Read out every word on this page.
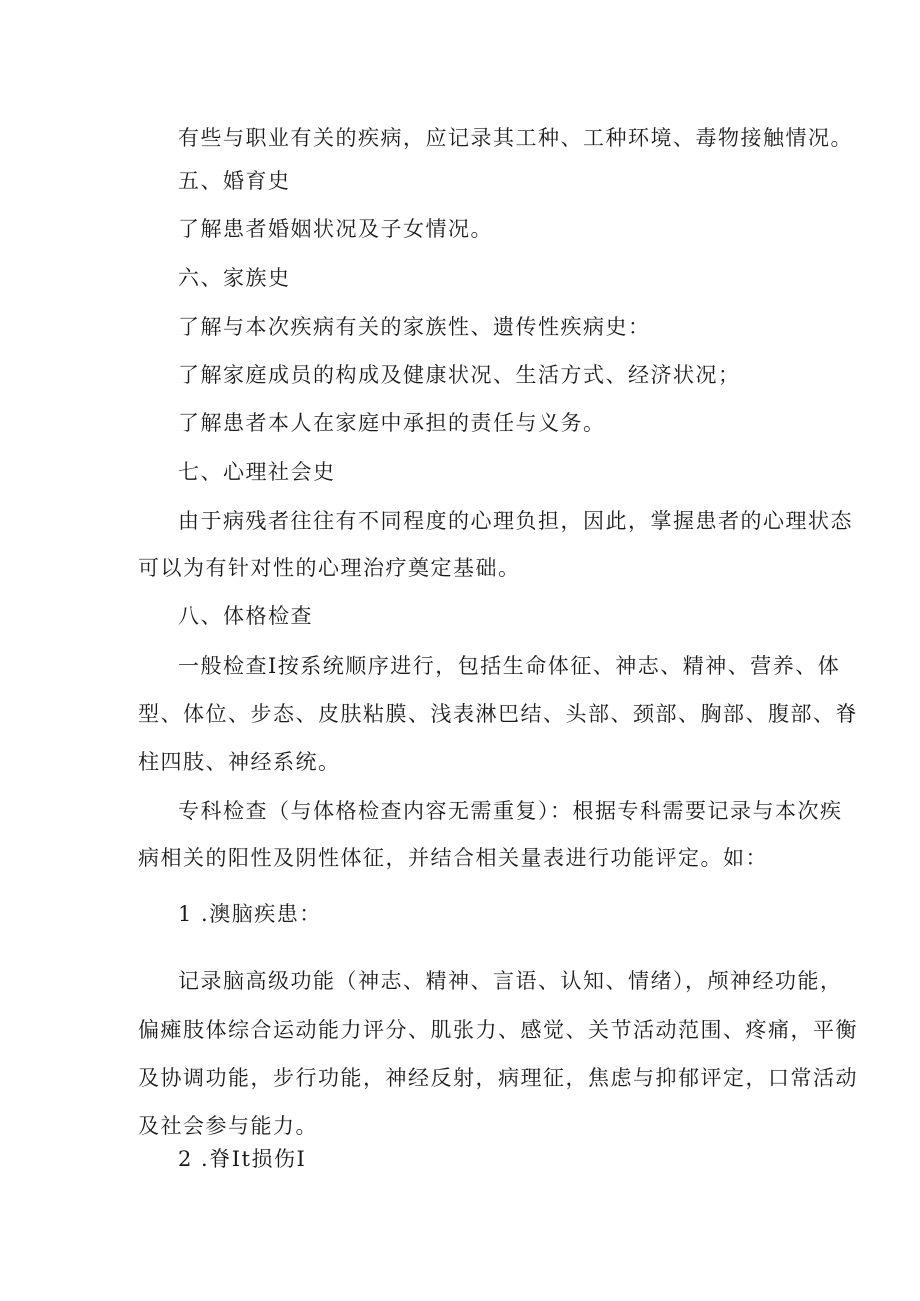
有些与职业有关的疾病，应记录其工种、工种环境、毒物接触情况。
五、婚育史
了解患者婚姻状况及子女情况。
六、家族史
了解与本次疾病有关的家族性、遗传性疾病史：
了解家庭成员的构成及健康状况、生活方式、经济状况；
了解患者本人在家庭中承担的责任与义务。
七、心理社会史
由于病残者往往有不同程度的心理负担，因此，掌握患者的心理状态
可以为有针对性的心理治疗奠定基础。
八、体格检查
一般检查I按系统顺序进行，包括生命体征、神志、精神、营养、体
型、体位、步态、皮肤粘膜、浅表淋巴结、头部、颈部、胸部、腹部、脊
柱四肢、神经系统。
专科检查（与体格检查内容无需重复）：根据专科需要记录与本次疾
病相关的阳性及阴性体征，并结合相关量表进行功能评定。如：
1 .澳脑疾患：
记录脑高级功能（神志、精神、言语、认知、情绪），颅神经功能，
偏瘫肢体综合运动能力评分、肌张力、感觉、关节活动范围、疼痛，平衡
及协调功能，步行功能，神经反射，病理征，焦虑与抑郁评定，口常活动
及社会参与能力。
2 .脊It损伤I
